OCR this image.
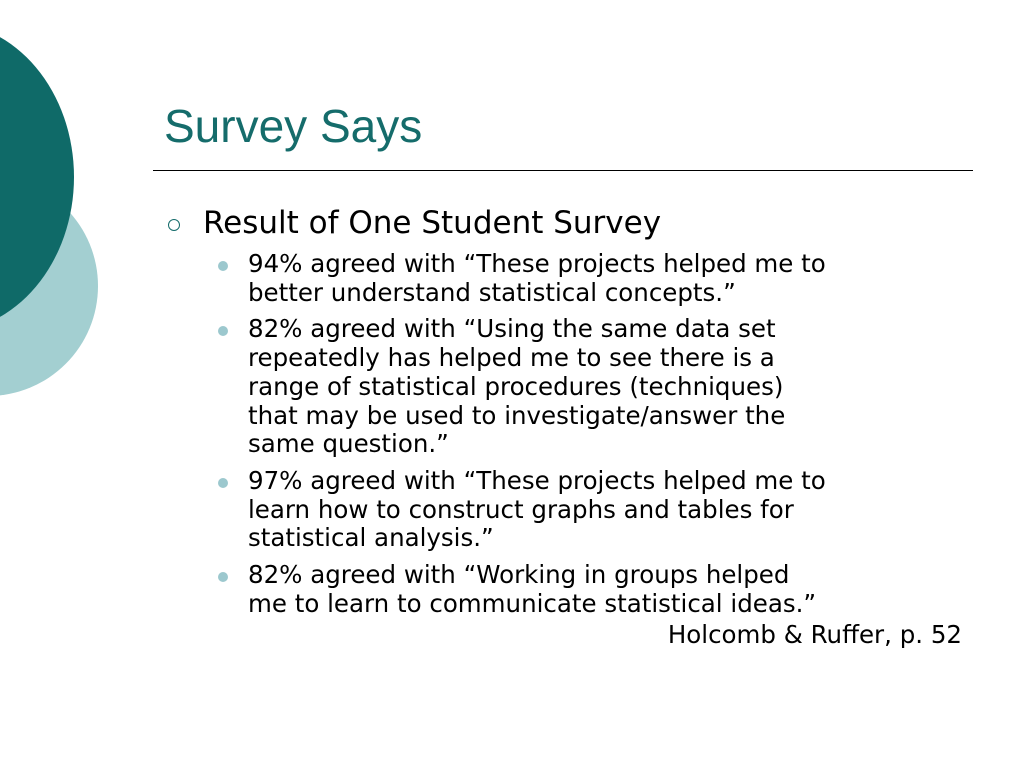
Survey Says
Result of One Student Survey
94% agreed with “These projects helped me to
better understand statistical concepts.”
82% agreed with “Using the same data set
repeatedly has helped me to see there is a
range of statistical procedures (techniques)
that may be used to investigate/answer the
same question.”
97% agreed with “These projects helped me to
learn how to construct graphs and tables for
statistical analysis.”
82% agreed with “Working in groups helped
me to learn to communicate statistical ideas.”
Holcomb & Ruffer, p. 52
